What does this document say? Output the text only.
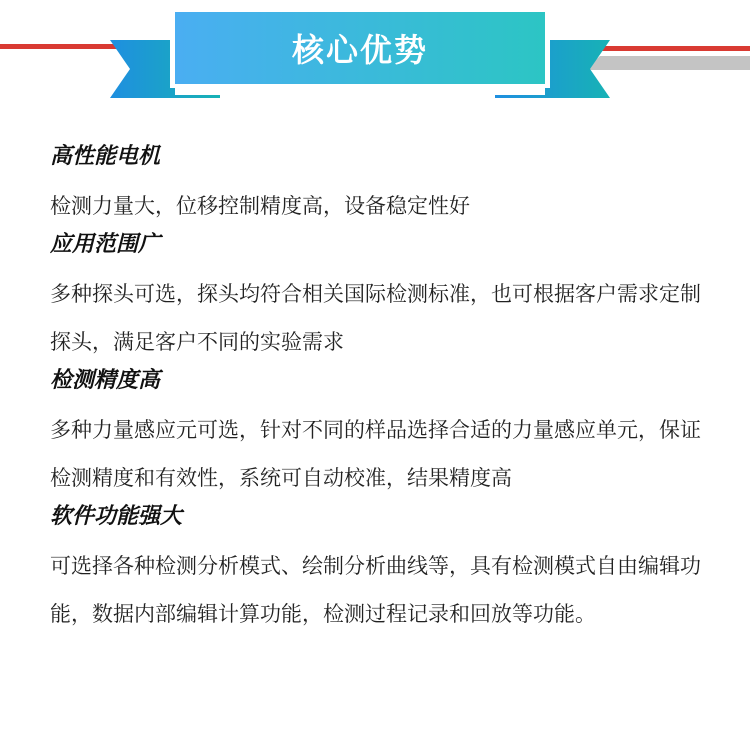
核心优势
高性能电机
检测力量大，位移控制精度高，设备稳定性好
应用范围广
多种探头可选，探头均符合相关国际检测标准，也可根据客户需求定制探头，满足客户不同的实验需求
检测精度高
多种力量感应元可选，针对不同的样品选择合适的力量感应单元，保证检测精度和有效性，系统可自动校准，结果精度高
软件功能强大
可选择各种检测分析模式、绘制分析曲线等，具有检测模式自由编辑功能，数据内部编辑计算功能，检测过程记录和回放等功能。
